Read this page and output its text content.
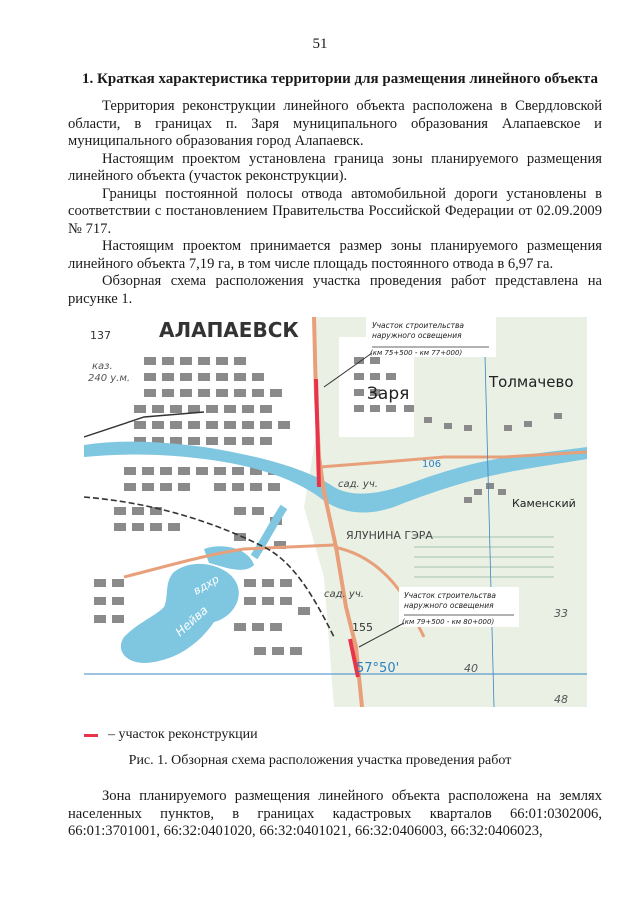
51
1. Краткая характеристика территории для размещения линейного объекта

Территория реконструкции линейного объекта расположена в Свердловской области, в границах п. Заря муниципального образования Алапаевское и муниципального образования город Алапаевск.

Настоящим проектом установлена граница зоны планируемого размещения линейного объекта (участок реконструкции).

Границы постоянной полосы отвода автомобильной дороги установлены в соответствии с постановлением Правительства Российской Федерации от 02.09.2009 № 717.

Настоящим проектом принимается размер зоны планируемого размещения линейного объекта 7,19 га, в том числе площадь постоянного отвода в 6,97 га.

Обзорная схема расположения участка проведения работ представлена на рисунке 1.

АЛАПАЕВСК
Заря
Толмачево
Каменский
ЯЛУНИНА ГЭРА
Нейва
вдхр
137
155
каз.
240 у.м.
сад. уч.
сад. уч.
57°50'
33
40
48
106
Участок строительства
наружного освещения
(км 75+500 - км 77+000)
Участок строительства
наружного освещения
(км 79+500 - км 80+000)
– участок реконструкции
Рис. 1. Обзорная схема расположения участка проведения работ

Зона планируемого размещения линейного объекта расположена на землях населенных пунктов, в границах кадастровых кварталов 66:01:0302006, 66:01:3701001, 66:32:0401020, 66:32:0401021, 66:32:0406003, 66:32:0406023,
